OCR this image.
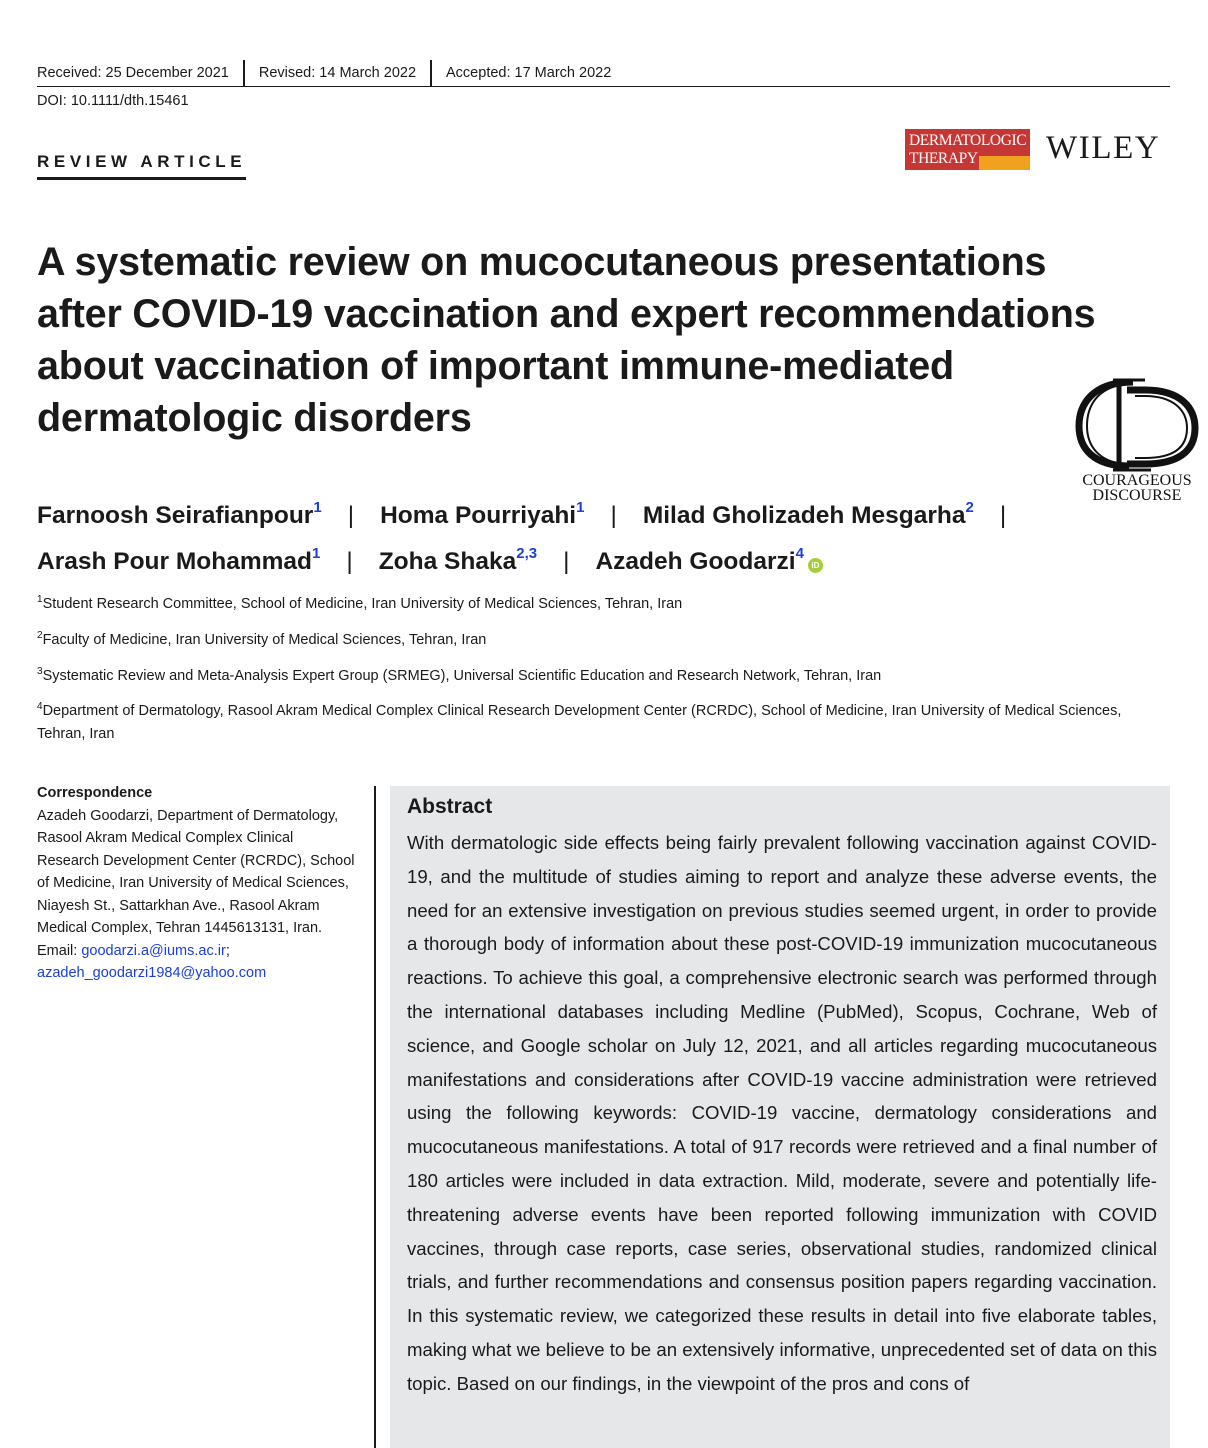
Received: 25 December 2021	Revised: 14 March 2022	Accepted: 17 March 2022
DOI: 10.1111/dth.15461
REVIEW ARTICLE
DERMATOLOGIC
THERAPY WILEY
A systematic review on mucocutaneous presentations after COVID-19 vaccination and expert recommendations about vaccination of important immune-mediated dermatologic disorders
COURAGEOUS
DISCOURSE
Farnoosh Seirafianpour$^1$ | Homa Pourriyahi$^1$ | Milad Gholizadeh Mesgarha$^2$ |
Arash Pour Mohammad$^1$ | Zoha Shaka$^{2,3}$ | Azadeh Goodarzi$^4$iD
$^1$Student Research Committee, School of Medicine, Iran University of Medical Sciences, Tehran, Iran
$^2$Faculty of Medicine, Iran University of Medical Sciences, Tehran, Iran
$^3$Systematic Review and Meta-Analysis Expert Group (SRMEG), Universal Scientific Education and Research Network, Tehran, Iran
$^4$Department of Dermatology, Rasool Akram Medical Complex Clinical Research Development Center (RCRDC), School of Medicine, Iran University of Medical Sciences, Tehran, Iran
Correspondence
Azadeh Goodarzi, Department of Dermatology, Rasool Akram Medical Complex Clinical Research Development Center (RCRDC), School of Medicine, Iran University of Medical Sciences, Niayesh St., Sattarkhan Ave., Rasool Akram Medical Complex, Tehran 1445613131, Iran.
Email: goodarzi.a@iums.ac.ir;
azadeh_goodarzi1984@yahoo.com
Abstract
With dermatologic side effects being fairly prevalent following vaccination against COVID-19, and the multitude of studies aiming to report and analyze these adverse events, the need for an extensive investigation on previous studies seemed urgent, in order to provide a thorough body of information about these post-COVID-19 immunization mucocutaneous reactions. To achieve this goal, a comprehensive electronic search was performed through the international databases including Medline (PubMed), Scopus, Cochrane, Web of science, and Google scholar on July 12, 2021, and all articles regarding mucocutaneous manifestations and considerations after COVID-19 vaccine administration were retrieved using the following keywords: COVID-19 vaccine, dermatology considerations and mucocutaneous manifestations. A total of 917 records were retrieved and a final number of 180 articles were included in data extraction. Mild, moderate, severe and potentially life-threatening adverse events have been reported following immunization with COVID vaccines, through case reports, case series, observational studies, randomized clinical trials, and further recommendations and consensus position papers regarding vaccination. In this systematic review, we categorized these results in detail into five elaborate tables, making what we believe to be an extensively informative, unprecedented set of data on this topic. Based on our findings, in the viewpoint of the pros and cons of
